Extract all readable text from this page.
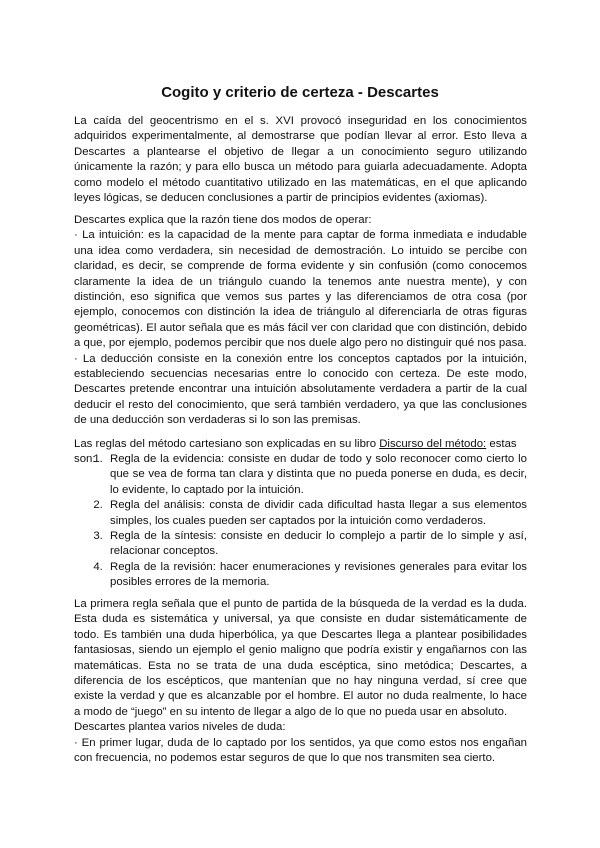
Cogito y criterio de certeza - Descartes

La caída del geocentrismo en el s. XVI provocó inseguridad en los conocimientos adquiridos experimentalmente, al demostrarse que podían llevar al error. Esto lleva a Descartes a plantearse el objetivo de llegar a un conocimiento seguro utilizando únicamente la razón; y para ello busca un método para guiarla adecuadamente. Adopta como modelo el método cuantitativo utilizado en las matemáticas, en el que aplicando leyes lógicas, se deducen conclusiones a partir de principios evidentes (axiomas).

Descartes explica que la razón tiene dos modos de operar:
· La intuición: es la capacidad de la mente para captar de forma inmediata e indudable una idea como verdadera, sin necesidad de demostración. Lo intuido se percibe con claridad, es decir, se comprende de forma evidente y sin confusión (como conocemos claramente la idea de un triángulo cuando la tenemos ante nuestra mente), y con distinción, eso significa que vemos sus partes y las diferenciamos de otra cosa (por ejemplo, conocemos con distinción la idea de triángulo al diferenciarla de otras figuras geométricas). El autor señala que es más fácil ver con claridad que con distinción, debido a que, por ejemplo, podemos percibir que nos duele algo pero no distinguir qué nos pasa.
· La deducción consiste en la conexión entre los conceptos captados por la intuición, estableciendo secuencias necesarias entre lo conocido con certeza. De este modo, Descartes pretende encontrar una intuición absolutamente verdadera a partir de la cual deducir el resto del conocimiento, que será también verdadero, ya que las conclusiones de una deducción son verdaderas si lo son las premisas.

Las reglas del método cartesiano son explicadas en su libro Discurso del método: estas son:

1.	Regla de la evidencia: consiste en dudar de todo y solo reconocer como cierto lo que se vea de forma tan clara y distinta que no pueda ponerse en duda, es decir, lo evidente, lo captado por la intuición.
2. Regla del análisis: consta de dividir cada dificultad hasta llegar a sus elementos simples, los cuales pueden ser captados por la intuición como verdaderos.
3. Regla de la síntesis: consiste en deducir lo complejo a partir de lo simple y así, relacionar conceptos.
4. Regla de la revisión: hacer enumeraciones y revisiones generales para evitar los posibles errores de la memoria.
La primera regla señala que el punto de partida de la búsqueda de la verdad es la duda. Esta duda es sistemática y universal, ya que consiste en dudar sistemáticamente de todo. Es también una duda hiperbólica, ya que Descartes llega a plantear posibilidades fantasiosas, siendo un ejemplo el genio maligno que podría existir y engañarnos con las matemáticas. Esta no se trata de una duda escéptica, sino metódica; Descartes, a diferencia de los escépticos, que mantenían que no hay ninguna verdad, sí cree que existe la verdad y que es alcanzable por el hombre. El autor no duda realmente, lo hace a modo de “juego” en su intento de llegar a algo de lo que no pueda usar en absoluto.
Descartes plantea varios niveles de duda:
· En primer lugar, duda de lo captado por los sentidos, ya que como estos nos engañan con frecuencia, no podemos estar seguros de que lo que nos transmiten sea cierto.
